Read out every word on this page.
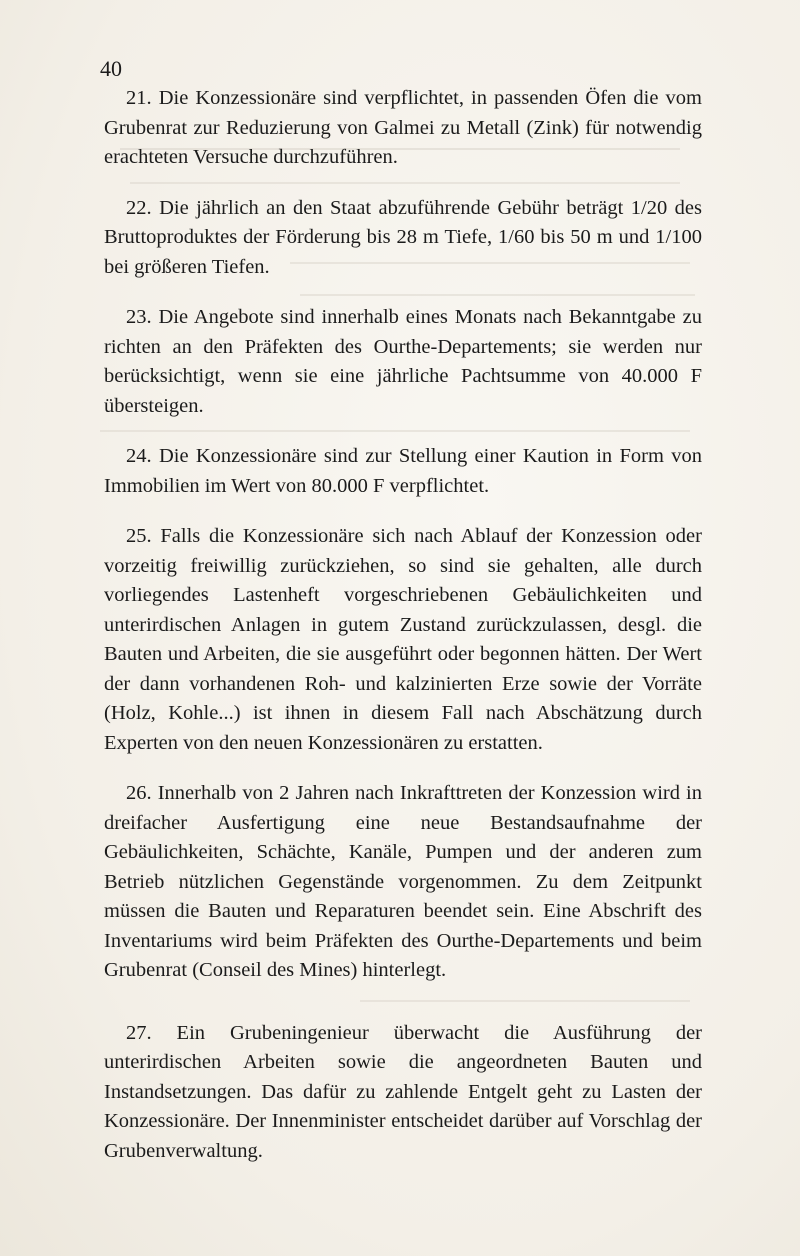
40

21. Die Konzessionäre sind verpflichtet, in passenden Öfen die vom Grubenrat zur Reduzierung von Galmei zu Metall (Zink) für notwendig erachteten Versuche durchzuführen.

22. Die jährlich an den Staat abzuführende Gebühr beträgt 1/20 des Bruttoproduktes der Förderung bis 28 m Tiefe, 1/60 bis 50 m und 1/100 bei größeren Tiefen.

23. Die Angebote sind innerhalb eines Monats nach Bekanntgabe zu richten an den Präfekten des Ourthe-Departements; sie werden nur berücksichtigt, wenn sie eine jährliche Pachtsumme von 40.000 F übersteigen.

24. Die Konzessionäre sind zur Stellung einer Kaution in Form von Immobilien im Wert von 80.000 F verpflichtet.

25. Falls die Konzessionäre sich nach Ablauf der Konzession oder vorzeitig freiwillig zurückziehen, so sind sie gehalten, alle durch vorliegendes Lastenheft vorgeschriebenen Gebäulichkeiten und unterirdischen Anlagen in gutem Zustand zurückzulassen, desgl. die Bauten und Arbeiten, die sie ausgeführt oder begonnen hätten. Der Wert der dann vorhandenen Roh- und kalzinierten Erze sowie der Vorräte (Holz, Kohle...) ist ihnen in diesem Fall nach Abschätzung durch Experten von den neuen Konzessionären zu erstatten.

26. Innerhalb von 2 Jahren nach Inkrafttreten der Konzession wird in dreifacher Ausfertigung eine neue Bestandsaufnahme der Gebäulichkeiten, Schächte, Kanäle, Pumpen und der anderen zum Betrieb nützlichen Gegenstände vorgenommen. Zu dem Zeitpunkt müssen die Bauten und Reparaturen beendet sein. Eine Abschrift des Inventariums wird beim Präfekten des Ourthe-Departements und beim Grubenrat (Conseil des Mines) hinterlegt.

27. Ein Grubeningenieur überwacht die Ausführung der unterirdischen Arbeiten sowie die angeordneten Bauten und Instandsetzungen. Das dafür zu zahlende Entgelt geht zu Lasten der Konzessionäre. Der Innenminister entscheidet darüber auf Vorschlag der Grubenverwaltung.
